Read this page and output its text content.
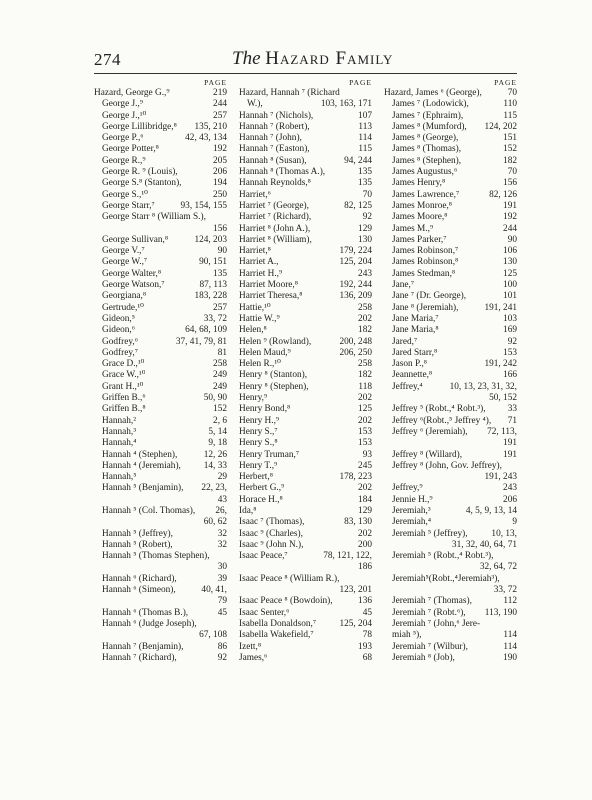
274	The Hazard Family
PAGE
Hazard, George G.,⁹	219
George J.,⁹	244
George J.,¹⁰	257
George Lillibridge,⁸ 135, 210
George P.,⁶	42, 43, 134
George Potter,⁸	192
George R.,⁹	205
George R. ⁹ (Louis),	206
George S.⁸ (Stanton),	194
George S.,¹⁰	250
George Starr,⁷	93, 154, 155
George Starr ⁸ (William S.),
156
George Sullivan,⁸	124, 203
George V.,⁷	90
George W.,⁷	90, 151
George Walter,⁸	135
George Watson,⁷	87, 113
Georgiana,⁸	183, 228
Gertrude,¹⁰	257
Gideon,⁵	33, 72
Gideon,⁶	64, 68, 109
Godfrey,⁶	37, 41, 79, 81
Godfrey,⁷	81
Grace D.,¹⁰	258
Grace W.,¹⁰	249
Grant H.,¹⁰	249
Griffen B.,⁶	50, 90
Griffen B.,⁸	152
Hannah,²	2, 6
Hannah,³	5, 14
Hannah,⁴	9, 18
Hannah ⁴ (Stephen),	12, 26
Hannah ⁴ (Jeremiah), 14, 33
Hannah,⁵	29
Hannah ⁵ (Benjamin), 22, 23,
43
Hannah ⁵ (Col. Thomas), 26,
60, 62
Hannah ⁵ (Jeffrey),	32
Hannah ⁵ (Robert),	32
Hannah ⁵ (Thomas Stephen),
30
Hannah ⁶ (Richard),	39
Hannah ⁶ (Simeon),	40, 41,
79
Hannah ⁶ (Thomas B.),	45
Hannah ⁶ (Judge Joseph),
67, 108
Hannah ⁷ (Benjamin),	86
Hannah ⁷ (Richard),	92
PAGE
Hazard, Hannah ⁷ (Richard
W.),	103, 163, 171
Hannah ⁷ (Nichols),	107
Hannah ⁷ (Robert),	113
Hannah ⁷ (John),	114
Hannah ⁷ (Easton),	115
Hannah ⁸ (Susan),	94, 244
Hannah ⁸ (Thomas A.),	135
Hannah Reynolds,⁸	135
Harriet,⁶	70
Harriet ⁷ (George),	82, 125
Harriet ⁷ (Richard),	92
Harriet ⁸ (John A.),	129
Harriet ⁸ (William),	130
Harriet,⁸	179, 224
Harriet A.,	125, 204
Harriet H.,⁹	243
Harriet Moore,⁸	192, 244
Harriet Theresa,⁸	136, 209
Hattie,¹⁰	258
Hattie W.,⁹	202
Helen,⁸	182
Helen ⁹ (Rowland),	200, 248
Helen Maud,⁹	206, 250
Helen R.,¹⁰	258
Henry ⁸ (Stanton),	182
Henry ⁸ (Stephen),	118
Henry,⁹	202
Henry Bond,⁸	125
Henry H.,⁹	202
Henry S.,⁷	153
Henry S.,⁸	153
Henry Truman,⁷	93
Henry T.,⁹	245
Herbert,⁸	178, 223
Herbert G.,⁹	202
Horace H.,⁸	184
Ida,⁸	129
Isaac ⁷ (Thomas),	83, 130
Isaac ⁹ (Charles),	202
Isaac ⁹ (John N.),	200
Isaac Peace,⁷	78, 121, 122,
186
Isaac Peace ⁸ (William R.),
123, 201
Isaac Peace ⁸ (Bowdoin),	136
Isaac Senter,⁶	45
Isabella Donaldson,⁷	125, 204
Isabella Wakefield,⁷	78
Izett,⁸	193
James,⁶	68
PAGE
Hazard, James ⁶ (George),	70
James ⁷ (Lodowick),	110
James ⁷ (Ephraim),	115
James ⁸ (Mumford), 124, 202
James ⁸ (George),	151
James ⁸ (Thomas),	152
James ⁸ (Stephen),	182
James Augustus,⁶	70
James Henry,⁸	156
James Lawrence,⁷	82, 126
James Monroe,⁸	191
James Moore,⁸	192
James M.,⁹	244
James Parker,⁷	90
James Robinson,⁷	106
James Robinson,⁸	130
James Stedman,⁸	125
Jane,⁷	100
Jane ⁷ (Dr. George),	101
Jane ⁸ (Jeremiah),	191, 241
Jane Maria,⁷	103
Jane Maria,⁸	169
Jared,⁷	92
Jared Starr,⁸	153
Jason P.,⁸	191, 242
Jeannette,⁸	166
Jeffrey,⁴	10, 13, 23, 31, 32,
50, 152
Jeffrey ⁵ (Robt.,⁴ Robt.³), 33
Jeffrey ⁶(Robt.,⁵ Jeffrey ⁴), 71
Jeffrey ⁶ (Jeremiah), 72, 113,
191
Jeffrey ⁸ (Willard),	191
Jeffrey ⁸ (John, Gov. Jeffrey),
191, 243
Jeffrey,⁹	243
Jennie H.,⁹	206
Jeremiah,³	4, 5, 9, 13, 14
Jeremiah,⁴	9
Jeremiah ⁵ (Jeffrey),	10, 13,
31, 32, 40, 64, 71
Jeremiah ⁵ (Robt.,⁴ Robt.³),
32, 64, 72
Jeremiah⁵(Robt.,⁴Jeremiah³),
33, 72
Jeremiah ⁷ (Thomas),	112
Jeremiah ⁷ (Robt.⁶), 113, 190
Jeremiah ⁷ (John,⁶ Jere-
miah ⁵),	114
Jeremiah ⁷ (Wilbur),	114
Jeremiah ⁸ (Job),	190
